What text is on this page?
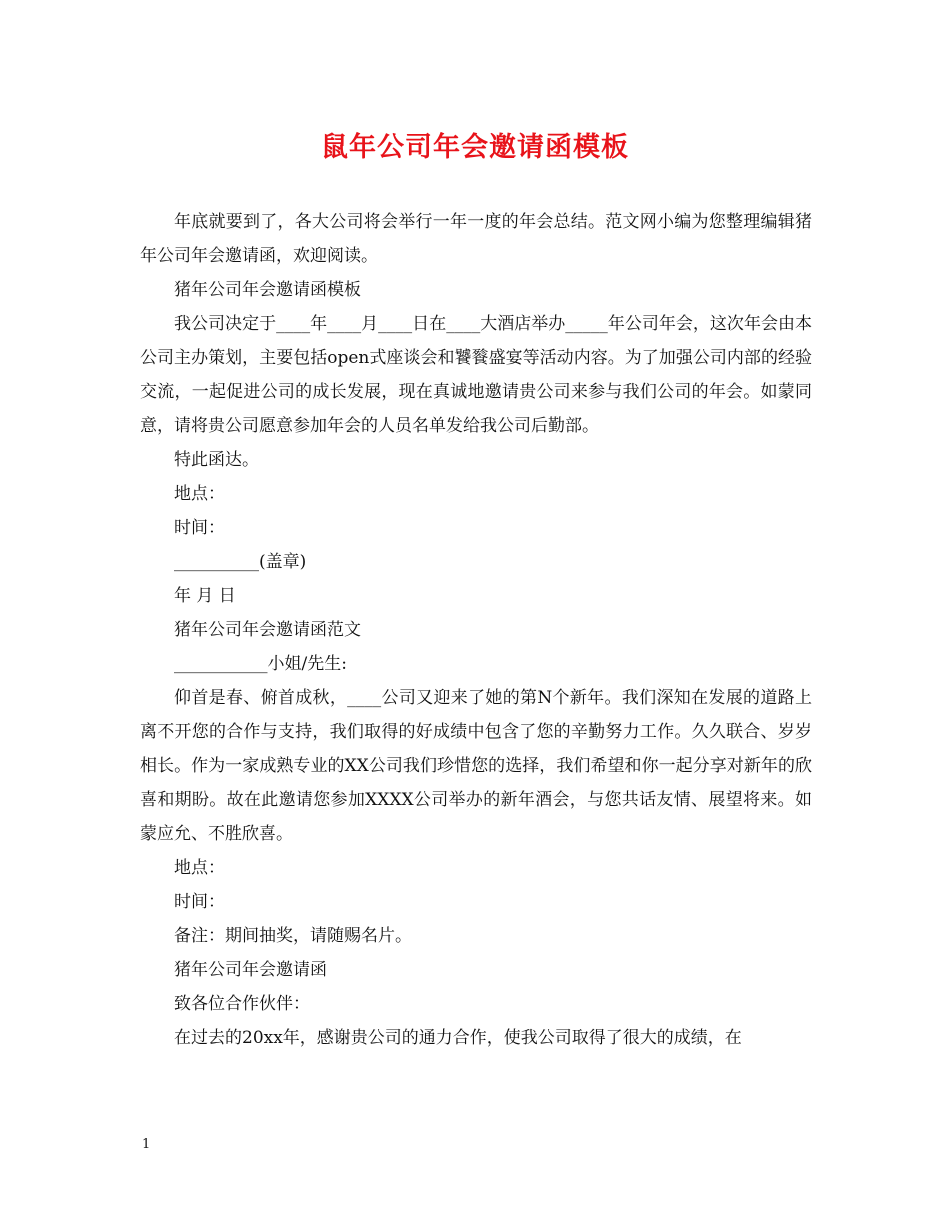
鼠年公司年会邀请函模板

年底就要到了，各大公司将会举行一年一度的年会总结。范文网小编为您整理编辑猪年公司年会邀请函，欢迎阅读。

猪年公司年会邀请函模板

我公司决定于____年____月____日在____大酒店举办_____年公司年会，这次年会由本公司主办策划，主要包括open式座谈会和饕餮盛宴等活动内容。为了加强公司内部的经验交流，一起促进公司的成长发展，现在真诚地邀请贵公司来参与我们公司的年会。如蒙同意，请将贵公司愿意参加年会的人员名单发给我公司后勤部。

特此函达。

地点：

时间：

__________(盖章)

年 月 日

猪年公司年会邀请函范文

___________小姐/先生:

仰首是春、俯首成秋，____公司又迎来了她的第N个新年。我们深知在发展的道路上离不开您的合作与支持，我们取得的好成绩中包含了您的辛勤努力工作。久久联合、岁岁相长。作为一家成熟专业的XX公司我们珍惜您的选择，我们希望和你一起分享对新年的欣喜和期盼。故在此邀请您参加XXXX公司举办的新年酒会，与您共话友情、展望将来。如蒙应允、不胜欣喜。

地点：

时间：

备注：期间抽奖，请随赐名片。

猪年公司年会邀请函

致各位合作伙伴：

在过去的20xx年，感谢贵公司的通力合作，使我公司取得了很大的成绩，在

1
